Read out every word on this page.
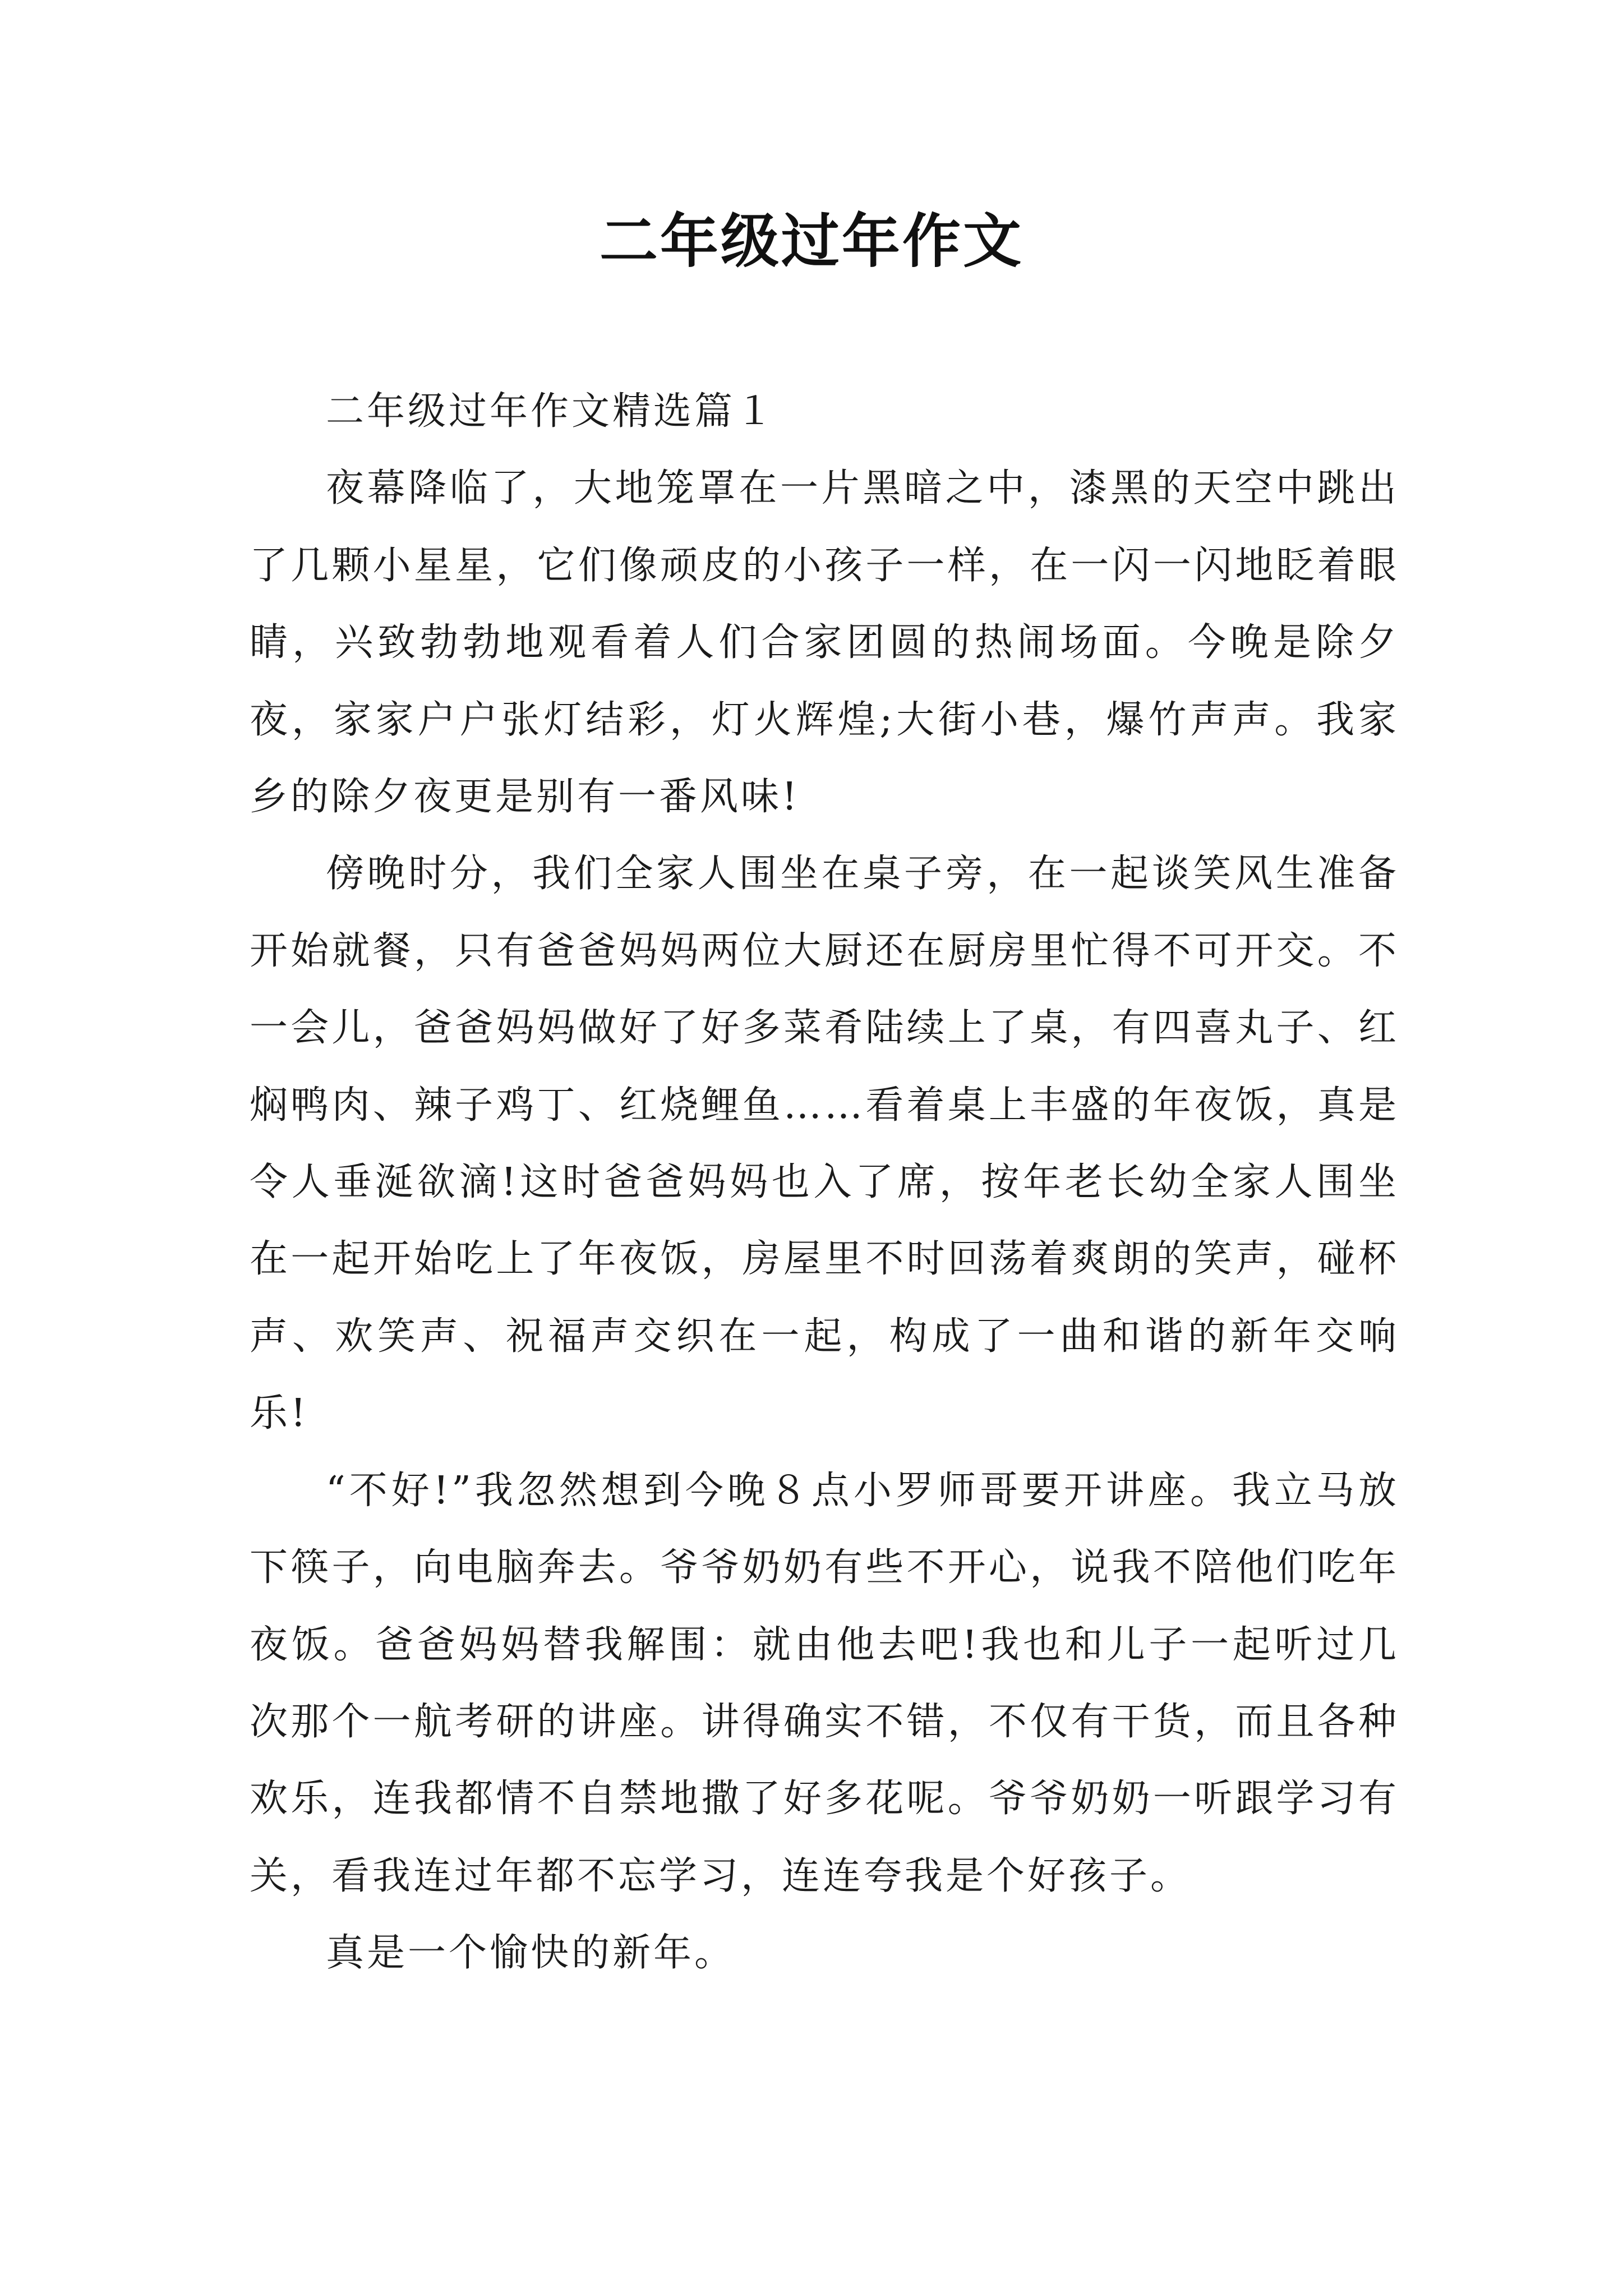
二年级过年作文

二年级过年作文精选篇１

夜幕降临了，大地笼罩在一片黑暗之中，漆黑的天空中跳出了几颗小星星，它们像顽皮的小孩子一样，在一闪一闪地眨着眼睛，兴致勃勃地观看着人们合家团圆的热闹场面。今晚是除夕夜，家家户户张灯结彩，灯火辉煌;大街小巷，爆竹声声。我家乡的除夕夜更是别有一番风味!

傍晚时分，我们全家人围坐在桌子旁，在一起谈笑风生准备开始就餐，只有爸爸妈妈两位大厨还在厨房里忙得不可开交。不一会儿，爸爸妈妈做好了好多菜肴陆续上了桌，有四喜丸子、红焖鸭肉、辣子鸡丁、红烧鲤鱼……看着桌上丰盛的年夜饭，真是令人垂涎欲滴!这时爸爸妈妈也入了席，按年老长幼全家人围坐在一起开始吃上了年夜饭，房屋里不时回荡着爽朗的笑声，碰杯声、欢笑声、祝福声交织在一起，构成了一曲和谐的新年交响乐!

“不好!”我忽然想到今晚８点小罗师哥要开讲座。我立马放下筷子，向电脑奔去。爷爷奶奶有些不开心，说我不陪他们吃年夜饭。爸爸妈妈替我解围：就由他去吧!我也和儿子一起听过几次那个一航考研的讲座。讲得确实不错，不仅有干货，而且各种欢乐，连我都情不自禁地撒了好多花呢。爷爷奶奶一听跟学习有关，看我连过年都不忘学习，连连夸我是个好孩子。

真是一个愉快的新年。
